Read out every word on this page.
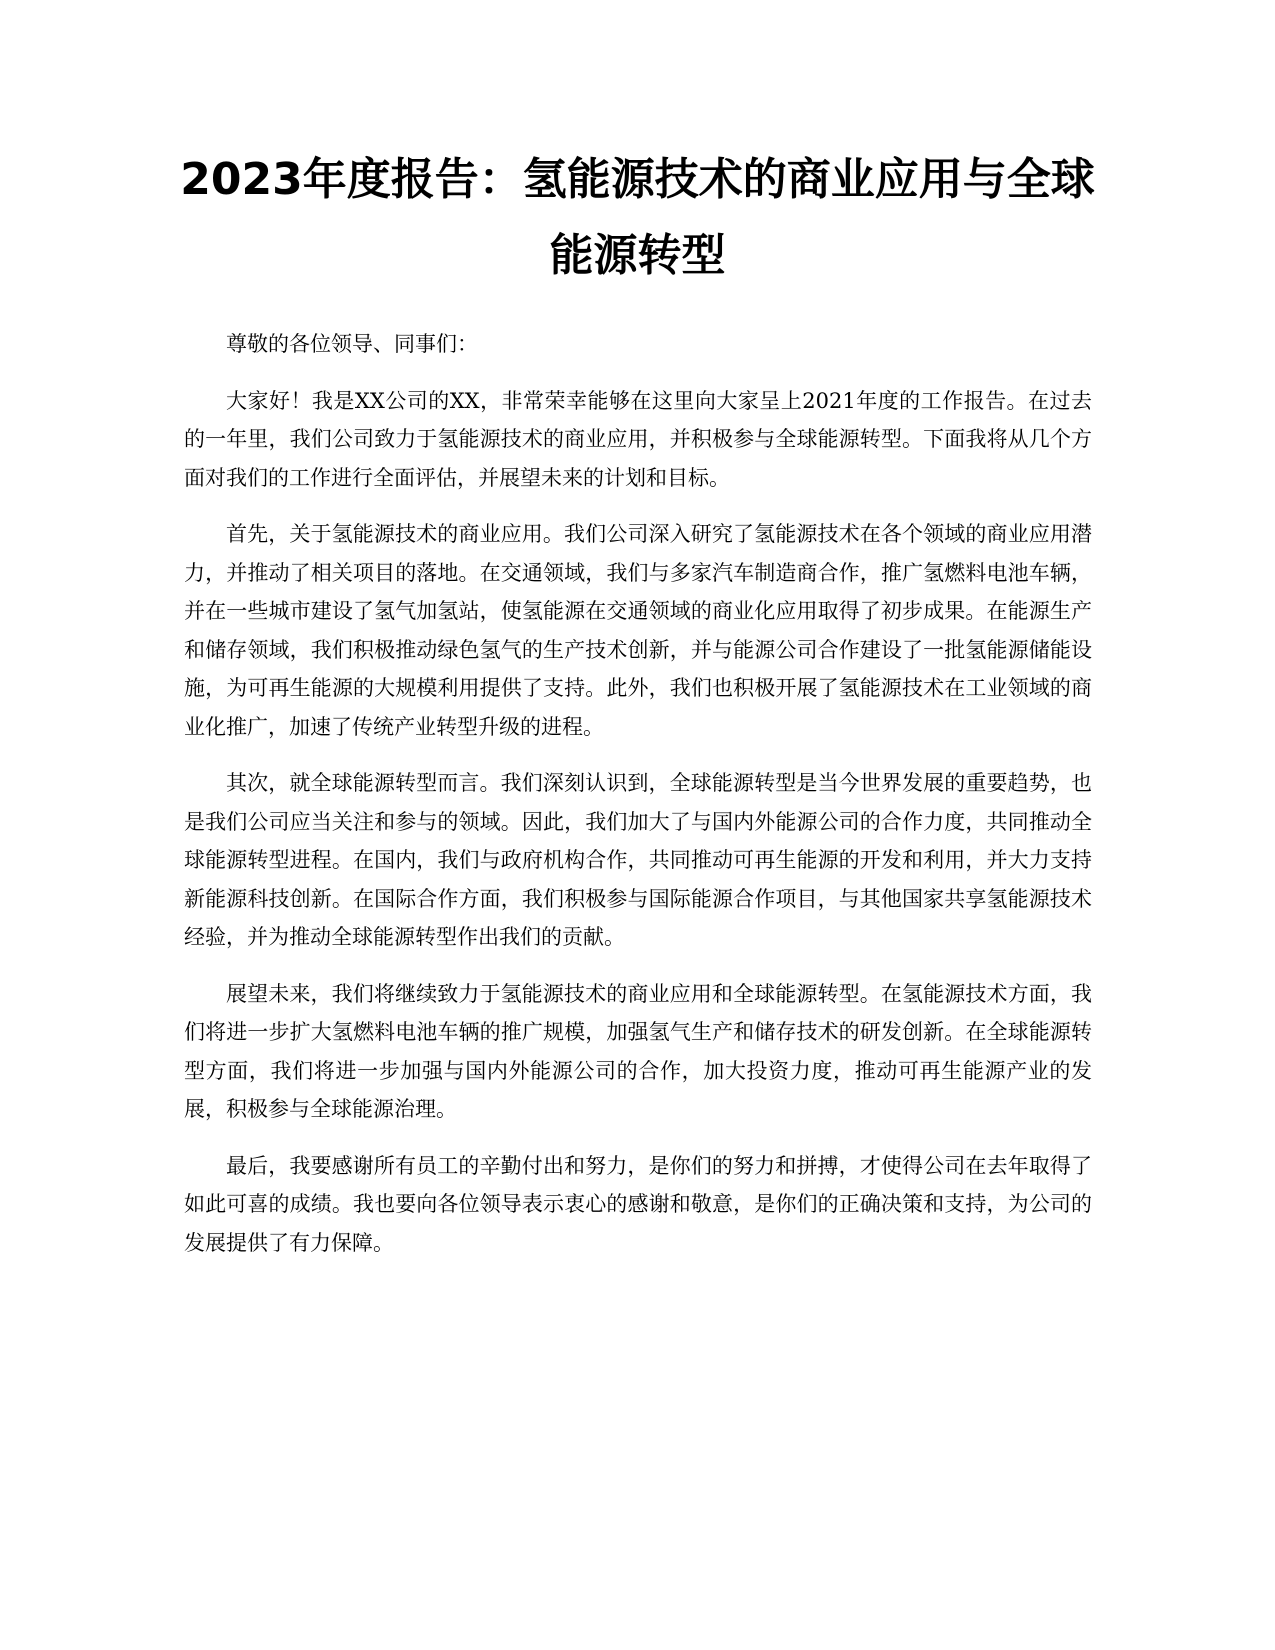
2023年度报告：氢能源技术的商业应用与全球能源转型

尊敬的各位领导、同事们：

大家好！我是XX公司的XX，非常荣幸能够在这里向大家呈上2021年度的工作报告。在过去的一年里，我们公司致力于氢能源技术的商业应用，并积极参与全球能源转型。下面我将从几个方面对我们的工作进行全面评估，并展望未来的计划和目标。

首先，关于氢能源技术的商业应用。我们公司深入研究了氢能源技术在各个领域的商业应用潜力，并推动了相关项目的落地。在交通领域，我们与多家汽车制造商合作，推广氢燃料电池车辆，并在一些城市建设了氢气加氢站，使氢能源在交通领域的商业化应用取得了初步成果。在能源生产和储存领域，我们积极推动绿色氢气的生产技术创新，并与能源公司合作建设了一批氢能源储能设施，为可再生能源的大规模利用提供了支持。此外，我们也积极开展了氢能源技术在工业领域的商业化推广，加速了传统产业转型升级的进程。

其次，就全球能源转型而言。我们深刻认识到，全球能源转型是当今世界发展的重要趋势，也是我们公司应当关注和参与的领域。因此，我们加大了与国内外能源公司的合作力度，共同推动全球能源转型进程。在国内，我们与政府机构合作，共同推动可再生能源的开发和利用，并大力支持新能源科技创新。在国际合作方面，我们积极参与国际能源合作项目，与其他国家共享氢能源技术经验，并为推动全球能源转型作出我们的贡献。

展望未来，我们将继续致力于氢能源技术的商业应用和全球能源转型。在氢能源技术方面，我们将进一步扩大氢燃料电池车辆的推广规模，加强氢气生产和储存技术的研发创新。在全球能源转型方面，我们将进一步加强与国内外能源公司的合作，加大投资力度，推动可再生能源产业的发展，积极参与全球能源治理。

最后，我要感谢所有员工的辛勤付出和努力，是你们的努力和拼搏，才使得公司在去年取得了如此可喜的成绩。我也要向各位领导表示衷心的感谢和敬意，是你们的正确决策和支持，为公司的发展提供了有力保障。
